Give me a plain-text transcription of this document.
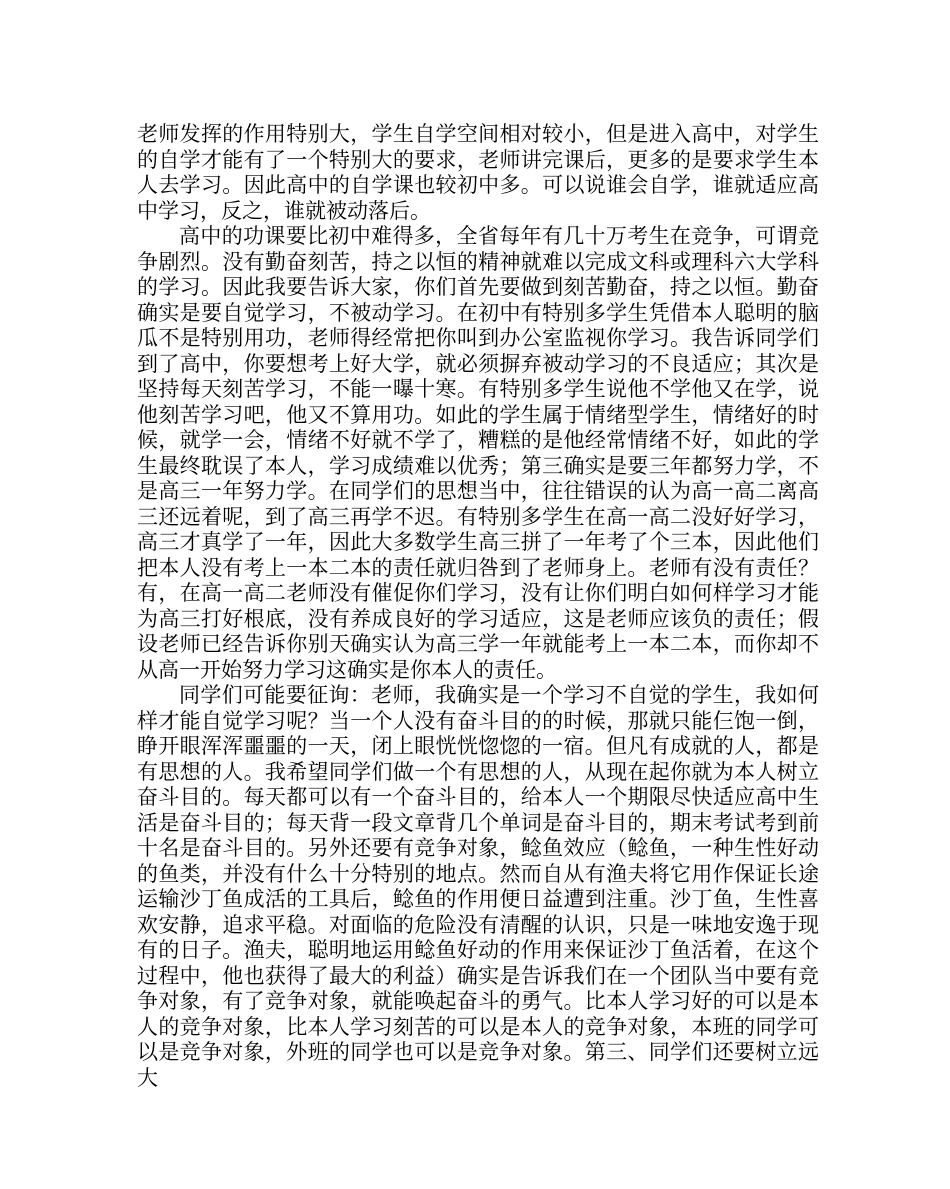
老师发挥的作用特别大，学生自学空间相对较小，但是进入高中，对学生的自学才能有了一个特别大的要求，老师讲完课后，更多的是要求学生本人去学习。因此高中的自学课也较初中多。可以说谁会自学，谁就适应高中学习，反之，谁就被动落后。

高中的功课要比初中难得多，全省每年有几十万考生在竞争，可谓竞争剧烈。没有勤奋刻苦，持之以恒的精神就难以完成文科或理科六大学科的学习。因此我要告诉大家，你们首先要做到刻苦勤奋，持之以恒。勤奋确实是要自觉学习，不被动学习。在初中有特别多学生凭借本人聪明的脑瓜不是特别用功，老师得经常把你叫到办公室监视你学习。我告诉同学们到了高中，你要想考上好大学，就必须摒弃被动学习的不良适应；其次是坚持每天刻苦学习，不能一曝十寒。有特别多学生说他不学他又在学，说他刻苦学习吧，他又不算用功。如此的学生属于情绪型学生，情绪好的时候，就学一会，情绪不好就不学了，糟糕的是他经常情绪不好，如此的学生最终耽误了本人，学习成绩难以优秀；第三确实是要三年都努力学，不是高三一年努力学。在同学们的思想当中，往往错误的认为高一高二离高三还远着呢，到了高三再学不迟。有特别多学生在高一高二没好好学习，高三才真学了一年，因此大多数学生高三拼了一年考了个三本，因此他们把本人没有考上一本二本的责任就归咎到了老师身上。老师有没有责任？有，在高一高二老师没有催促你们学习，没有让你们明白如何样学习才能为高三打好根底，没有养成良好的学习适应，这是老师应该负的责任；假设老师已经告诉你别天确实认为高三学一年就能考上一本二本，而你却不从高一开始努力学习这确实是你本人的责任。

同学们可能要征询：老师，我确实是一个学习不自觉的学生，我如何样才能自觉学习呢？当一个人没有奋斗目的的时候，那就只能仨饱一倒，睁开眼浑浑噩噩的一天，闭上眼恍恍惚惚的一宿。但凡有成就的人，都是有思想的人。我希望同学们做一个有思想的人，从现在起你就为本人树立奋斗目的。每天都可以有一个奋斗目的，给本人一个期限尽快适应高中生活是奋斗目的；每天背一段文章背几个单词是奋斗目的，期末考试考到前十名是奋斗目的。另外还要有竞争对象，鲶鱼效应（鲶鱼，一种生性好动的鱼类，并没有什么十分特别的地点。然而自从有渔夫将它用作保证长途运输沙丁鱼成活的工具后，鲶鱼的作用便日益遭到注重。沙丁鱼，生性喜欢安静，追求平稳。对面临的危险没有清醒的认识，只是一味地安逸于现有的日子。渔夫，聪明地运用鲶鱼好动的作用来保证沙丁鱼活着，在这个过程中，他也获得了最大的利益）确实是告诉我们在一个团队当中要有竞争对象，有了竞争对象，就能唤起奋斗的勇气。比本人学习好的可以是本人的竞争对象，比本人学习刻苦的可以是本人的竞争对象，本班的同学可以是竞争对象，外班的同学也可以是竞争对象。第三、同学们还要树立远大
